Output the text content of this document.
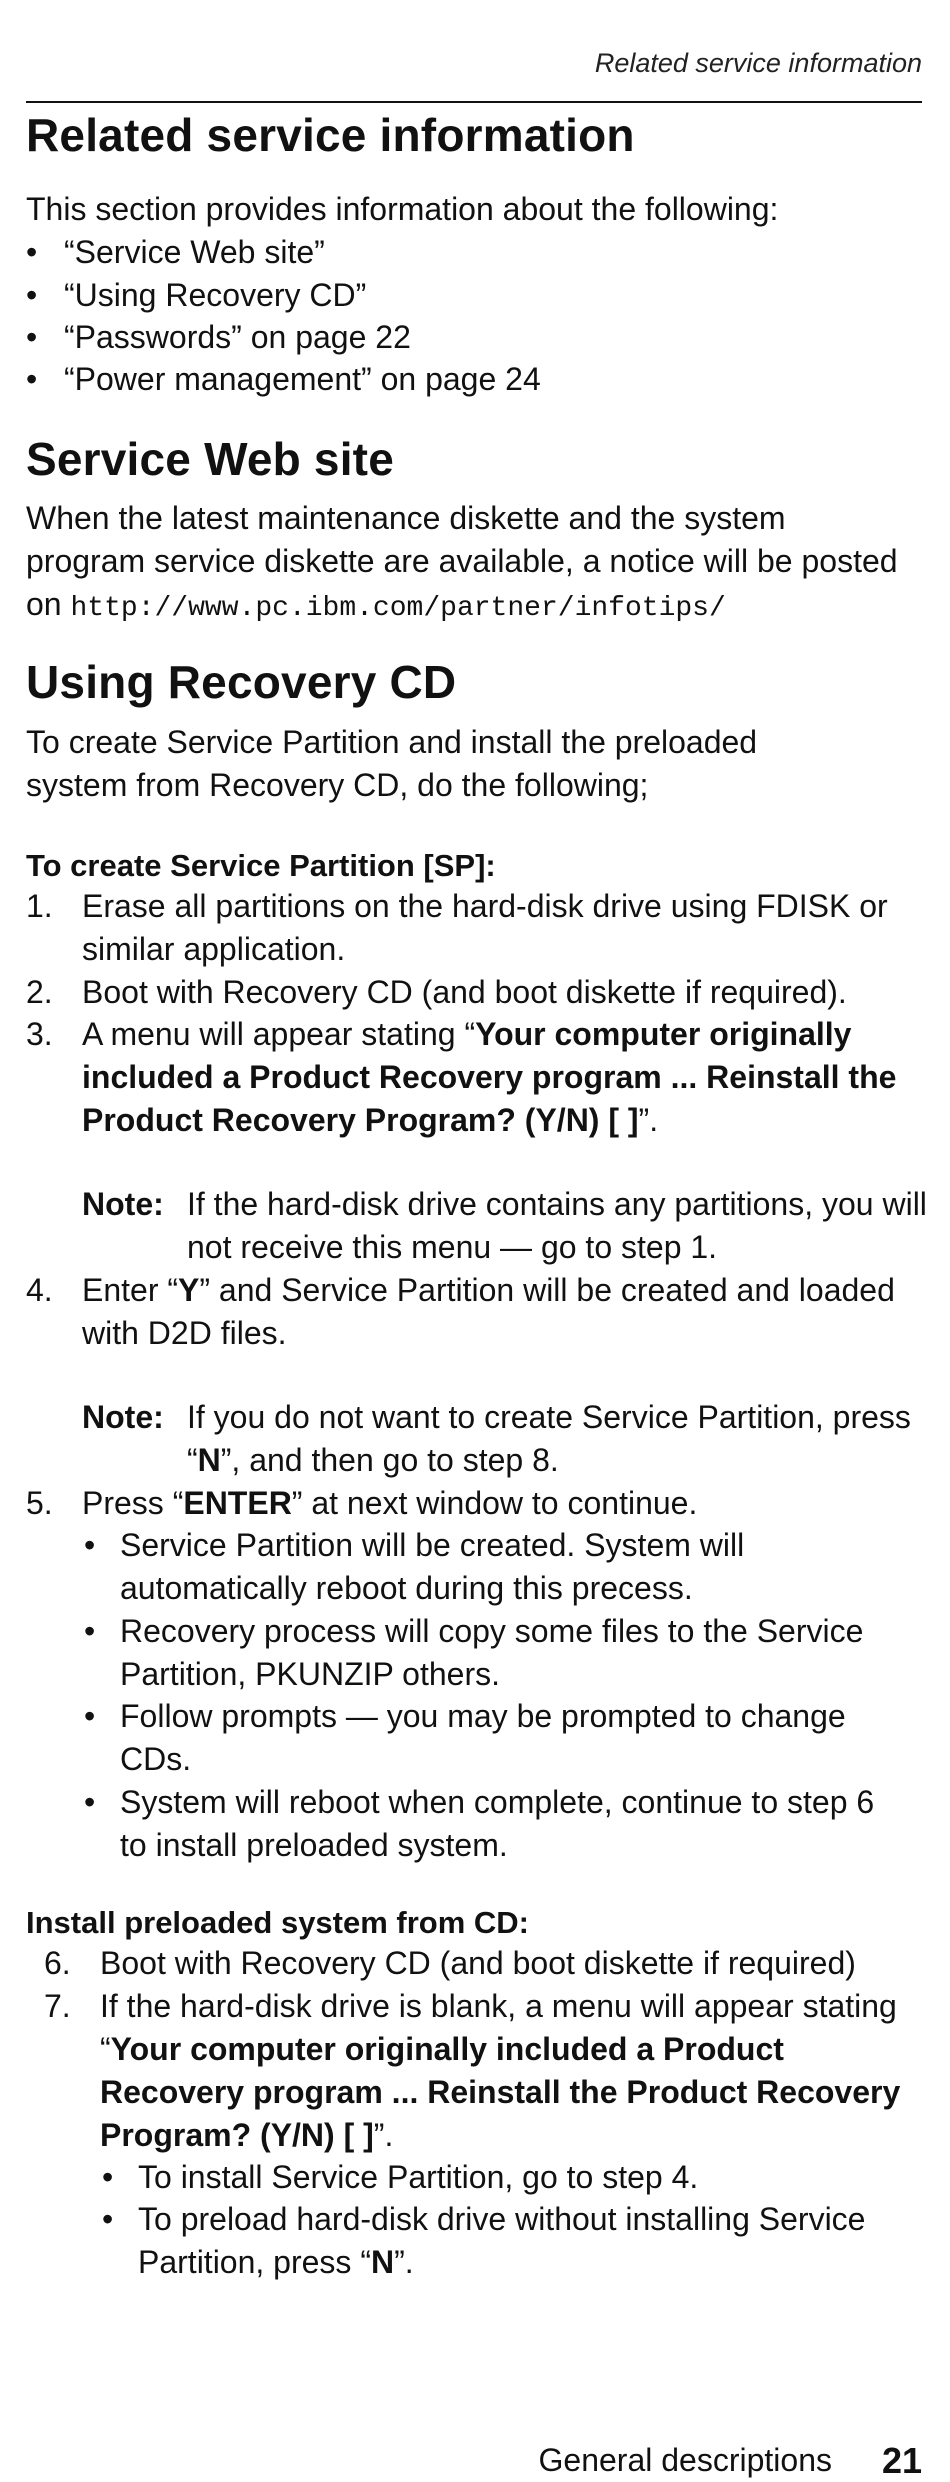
Related service information
Related service information

This section provides information about the following:

• “Service Web site”
• “Using Recovery CD”
• “Passwords” on page 22
• “Power management” on page 24
Service Web site

When the latest maintenance diskette and the system program service diskette are available, a notice will be posted on http://www.pc.ibm.com/partner/infotips/

Using Recovery CD

To create Service Partition and install the preloaded system from Recovery CD, do the following;

To create Service Partition [SP]:

1. Erase all partitions on the hard-disk drive using FDISK or similar application.
2. Boot with Recovery CD (and boot diskette if required).
3. A menu will appear stating “Your computer originally included a Product Recovery program ... Reinstall the Product Recovery Program? (Y/N) [ ]”.
Note: If the hard-disk drive contains any partitions, you will not receive this menu — go to step 1.
4. Enter “Y” and Service Partition will be created and loaded with D2D files.
Note: If you do not want to create Service Partition, press “N”, and then go to step 8.
5. Press “ENTER” at next window to continue.
• Service Partition will be created. System will automatically reboot during this precess.
• Recovery process will copy some files to the Service Partition, PKUNZIP others.
• Follow prompts — you may be prompted to change CDs.
• System will reboot when complete, continue to step 6 to install preloaded system.

Install preloaded system from CD:

6. Boot with Recovery CD (and boot diskette if required)
7. If the hard-disk drive is blank, a menu will appear stating “Your computer originally included a Product Recovery program ... Reinstall the Product Recovery Program? (Y/N) [ ]”.
• To install Service Partition, go to step 4.
• To preload hard-disk drive without installing Service Partition, press “N”.
General descriptions 21
